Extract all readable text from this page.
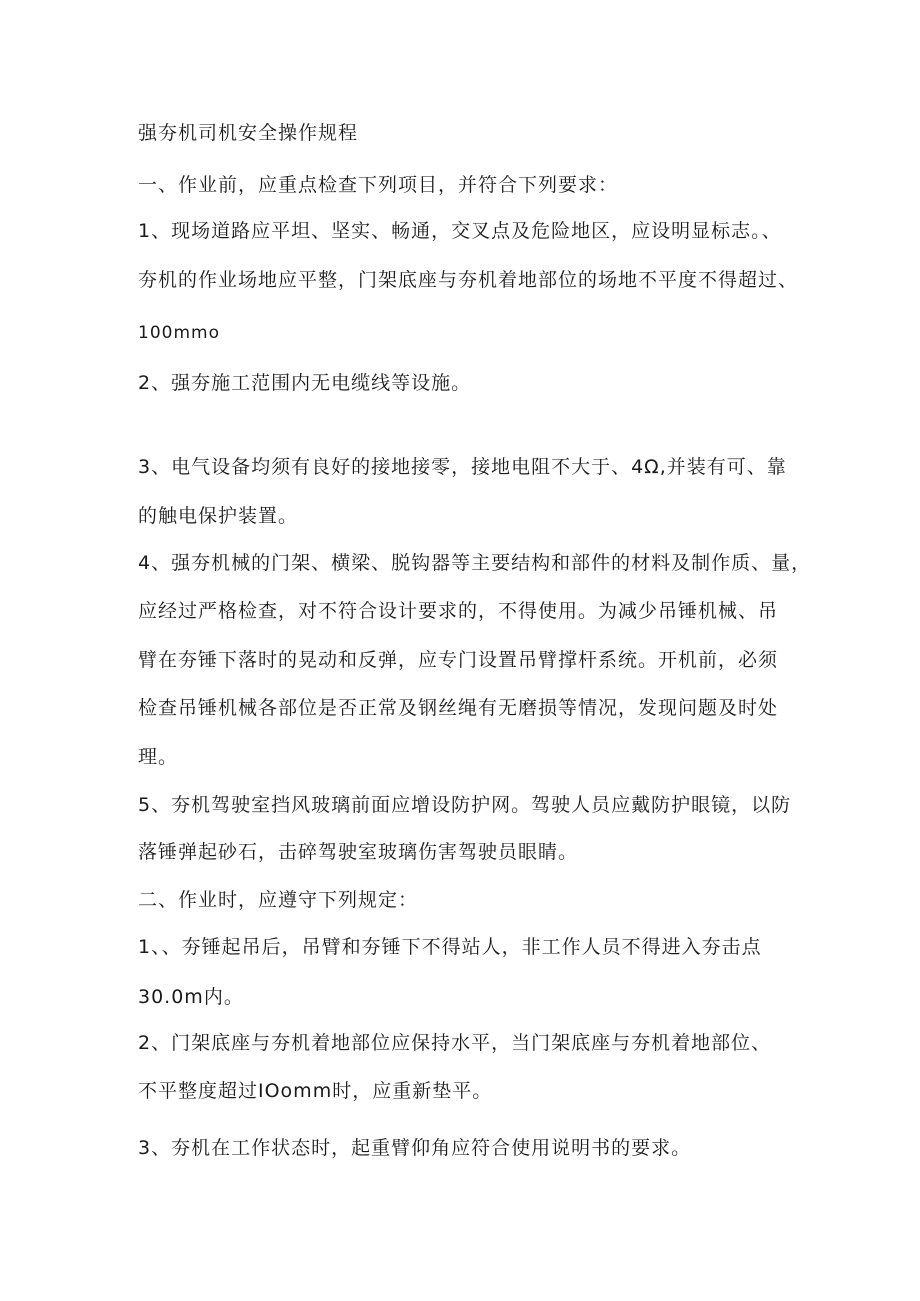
强夯机司机安全操作规程
一、作业前，应重点检查下列项目，并符合下列要求：
1、现场道路应平坦、坚实、畅通，交叉点及危险地区，应设明显标志。、
夯机的作业场地应平整，门架底座与夯机着地部位的场地不平度不得超过、
100mmo
2、强夯施工范围内无电缆线等设施。
3、电气设备均须有良好的接地接零，接地电阻不大于、4Ω,并装有可、靠
的触电保护装置。
4、强夯机械的门架、横梁、脱钩器等主要结构和部件的材料及制作质、量，
应经过严格检查，对不符合设计要求的，不得使用。为减少吊锤机械、吊
臂在夯锤下落时的晃动和反弹，应专门设置吊臂撑杆系统。开机前，必须
检查吊锤机械各部位是否正常及钢丝绳有无磨损等情况，发现问题及时处
理。
5、夯机驾驶室挡风玻璃前面应增设防护网。驾驶人员应戴防护眼镜，以防
落锤弹起砂石，击碎驾驶室玻璃伤害驾驶员眼睛。
二、作业时，应遵守下列规定：
1、、夯锤起吊后，吊臂和夯锤下不得站人，非工作人员不得进入夯击点
30.0m内。
2、门架底座与夯机着地部位应保持水平，当门架底座与夯机着地部位、
不平整度超过IOomm时，应重新垫平。
3、夯机在工作状态时，起重臂仰角应符合使用说明书的要求。
